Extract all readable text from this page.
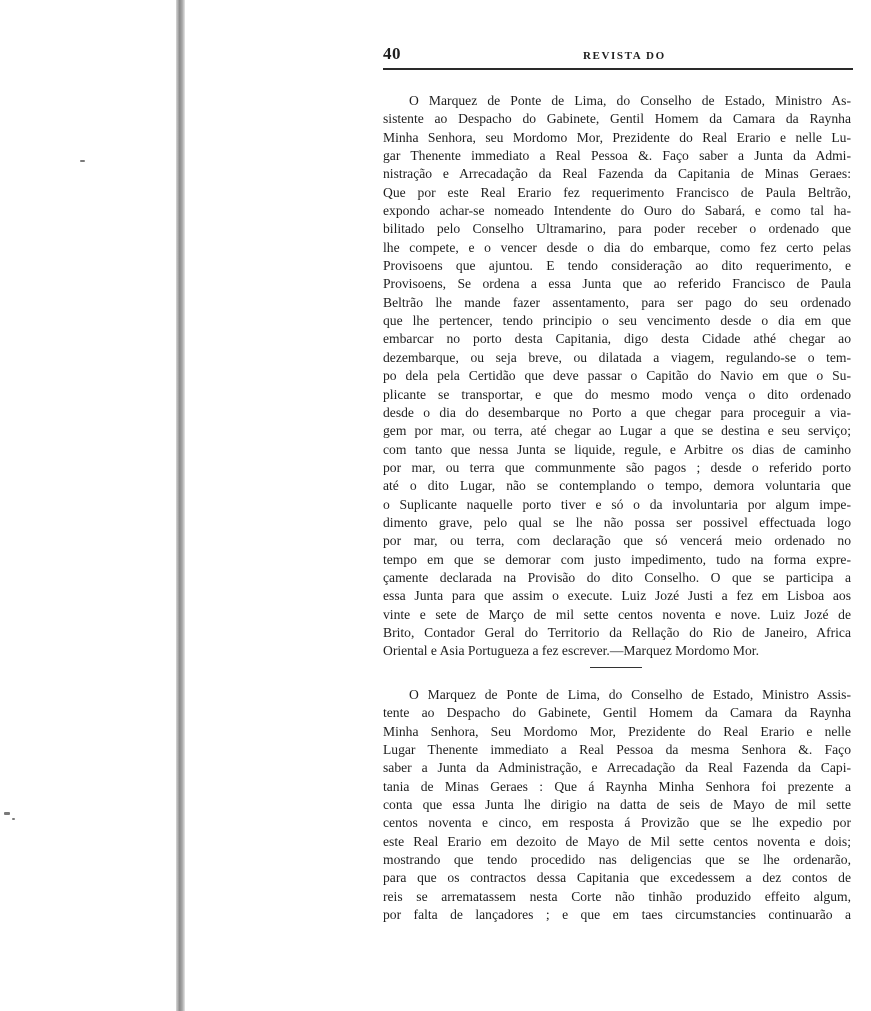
40	REVISTA DO
O Marquez de Ponte de Lima, do Conselho de Estado, Ministro As-
sistente ao Despacho do Gabinete, Gentil Homem da Camara da Raynha
Minha Senhora, seu Mordomo Mor, Prezidente do Real Erario e nelle Lu-
gar Thenente immediato a Real Pessoa &. Faço saber a Junta da Admi-
nistração e Arrecadação da Real Fazenda da Capitania de Minas Geraes:
Que por este Real Erario fez requerimento Francisco de Paula Beltrão,
expondo achar-se nomeado Intendente do Ouro do Sabará, e como tal ha-
bilitado pelo Conselho Ultramarino, para poder receber o ordenado que
lhe compete, e o vencer desde o dia do embarque, como fez certo pelas
Provisoens que ajuntou. E tendo consideração ao dito requerimento, e
Provisoens, Se ordena a essa Junta que ao referido Francisco de Paula
Beltrão lhe mande fazer assentamento, para ser pago do seu ordenado
que lhe pertencer, tendo principio o seu vencimento desde o dia em que
embarcar no porto desta Capitania, digo desta Cidade athé chegar ao
dezembarque, ou seja breve, ou dilatada a viagem, regulando-se o tem-
po dela pela Certidão que deve passar o Capitão do Navio em que o Su-
plicante se transportar, e que do mesmo modo vença o dito ordenado
desde o dia do desembarque no Porto a que chegar para proceguir a via-
gem por mar, ou terra, até chegar ao Lugar a que se destina e seu serviço;
com tanto que nessa Junta se liquide, regule, e Arbitre os dias de caminho
por mar, ou terra que communmente são pagos ; desde o referido porto
até o dito Lugar, não se contemplando o tempo, demora voluntaria que
o Suplicante naquelle porto tiver e só o da involuntaria por algum impe-
dimento grave, pelo qual se lhe não possa ser possivel effectuada logo
por mar, ou terra, com declaração que só vencerá meio ordenado no
tempo em que se demorar com justo impedimento, tudo na forma expre-
çamente declarada na Provisão do dito Conselho. O que se participa a
essa Junta para que assim o execute. Luiz Jozé Justi a fez em Lisboa aos
vinte e sete de Março de mil sette centos noventa e nove. Luiz Jozé de
Brito, Contador Geral do Territorio da Rellação do Rio de Janeiro, Africa
Oriental e Asia Portugueza a fez escrever.—Marquez Mordomo Mor.
O Marquez de Ponte de Lima, do Conselho de Estado, Ministro Assis-
tente ao Despacho do Gabinete, Gentil Homem da Camara da Raynha
Minha Senhora, Seu Mordomo Mor, Prezidente do Real Erario e nelle
Lugar Thenente immediato a Real Pessoa da mesma Senhora &. Faço
saber a Junta da Administração, e Arrecadação da Real Fazenda da Capi-
tania de Minas Geraes : Que á Raynha Minha Senhora foi prezente a
conta que essa Junta lhe dirigio na datta de seis de Mayo de mil sette
centos noventa e cinco, em resposta á Provizão que se lhe expedio por
este Real Erario em dezoito de Mayo de Mil sette centos noventa e dois;
mostrando que tendo procedido nas deligencias que se lhe ordenarão,
para que os contractos dessa Capitania que excedessem a dez contos de
reis se arrematassem nesta Corte não tinhão produzido effeito algum,
por falta de lançadores ; e que em taes circumstancies continuarão a
